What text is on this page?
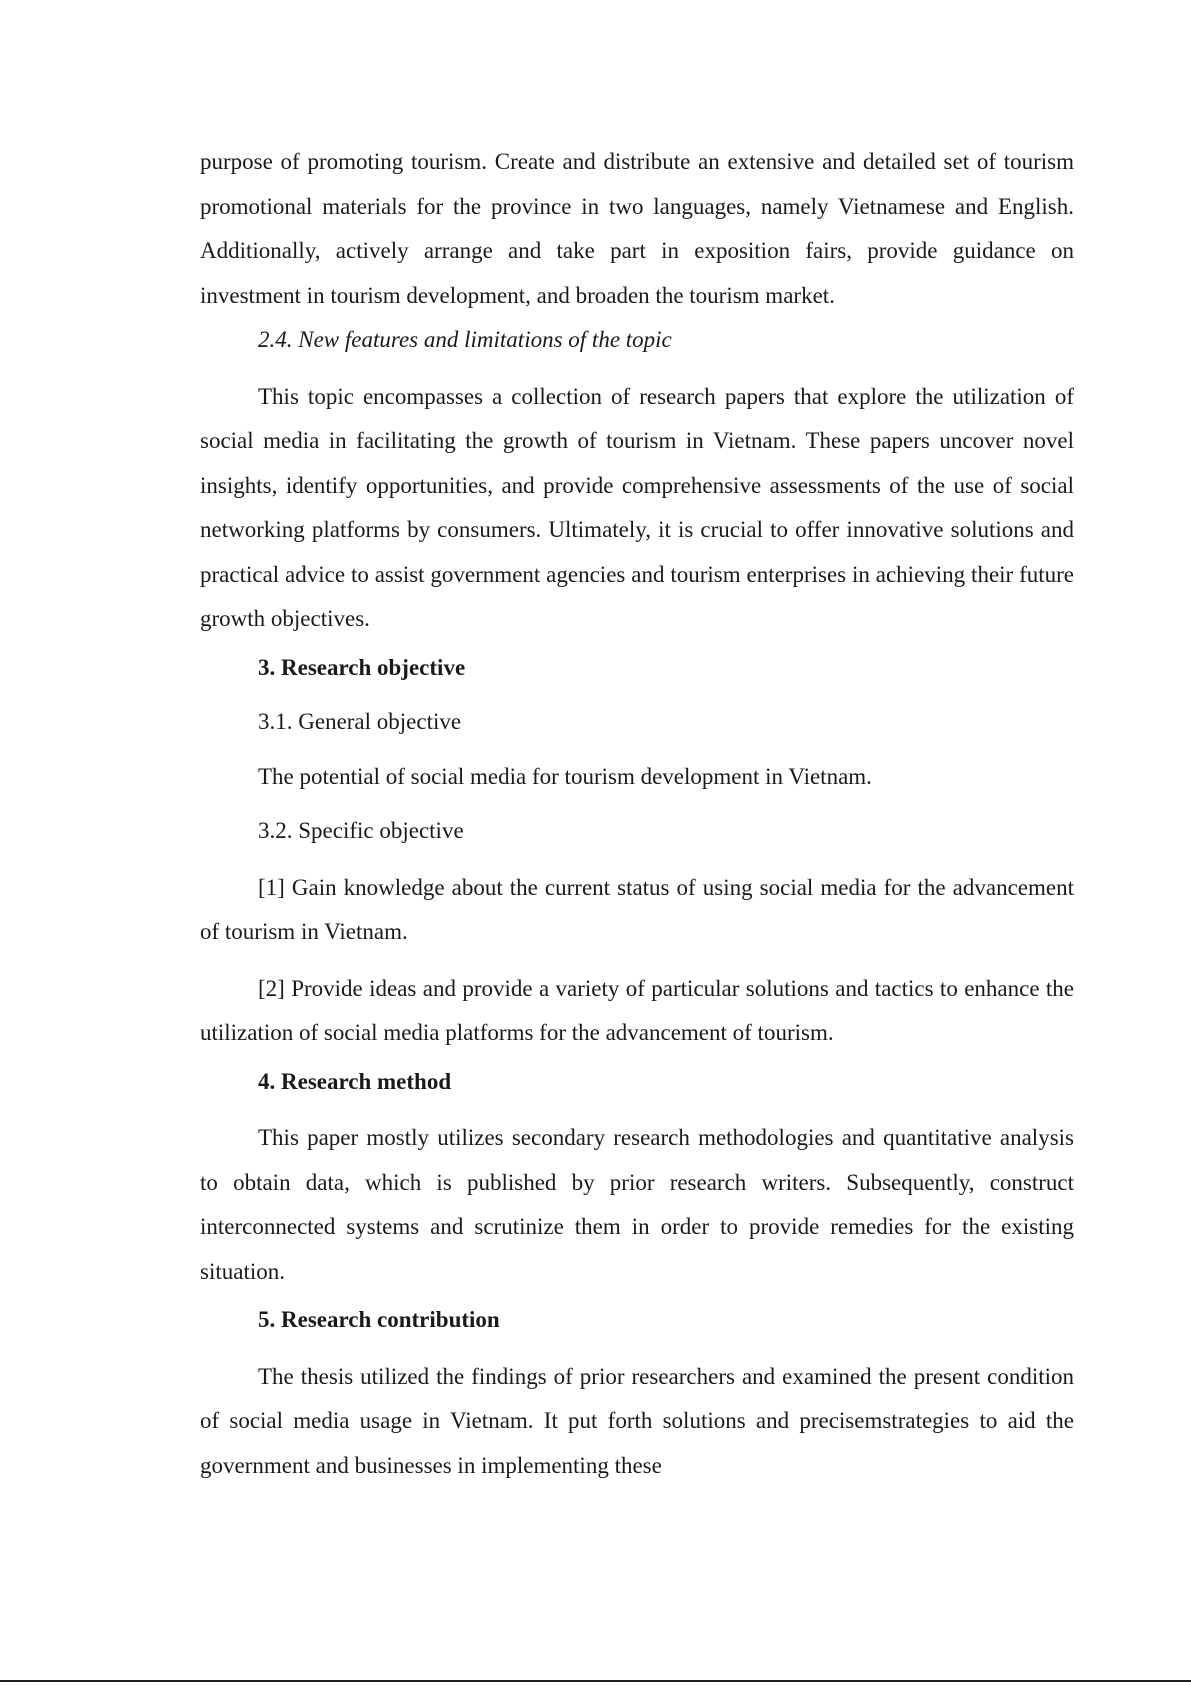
purpose of promoting tourism. Create and distribute an extensive and detailed set of tourism promotional materials for the province in two languages, namely Vietnamese and English. Additionally, actively arrange and take part in exposition fairs, provide guidance on investment in tourism development, and broaden the tourism market.

2.4. New features and limitations of the topic

This topic encompasses a collection of research papers that explore the utilization of social media in facilitating the growth of tourism in Vietnam. These papers uncover novel insights, identify opportunities, and provide comprehensive assessments of the use of social networking platforms by consumers. Ultimately, it is crucial to offer innovative solutions and practical advice to assist government agencies and tourism enterprises in achieving their future growth objectives.

3. Research objective

3.1. General objective

The potential of social media for tourism development in Vietnam.

3.2. Specific objective

[1] Gain knowledge about the current status of using social media for the advancement of tourism in Vietnam.

[2] Provide ideas and provide a variety of particular solutions and tactics to enhance the utilization of social media platforms for the advancement of tourism.

4. Research method

This paper mostly utilizes secondary research methodologies and quantitative analysis to obtain data, which is published by prior research writers. Subsequently, construct interconnected systems and scrutinize them in order to provide remedies for the existing situation.

5. Research contribution

The thesis utilized the findings of prior researchers and examined the present condition of social media usage in Vietnam. It put forth solutions and precisemstrategies to aid the government and businesses in implementing these
